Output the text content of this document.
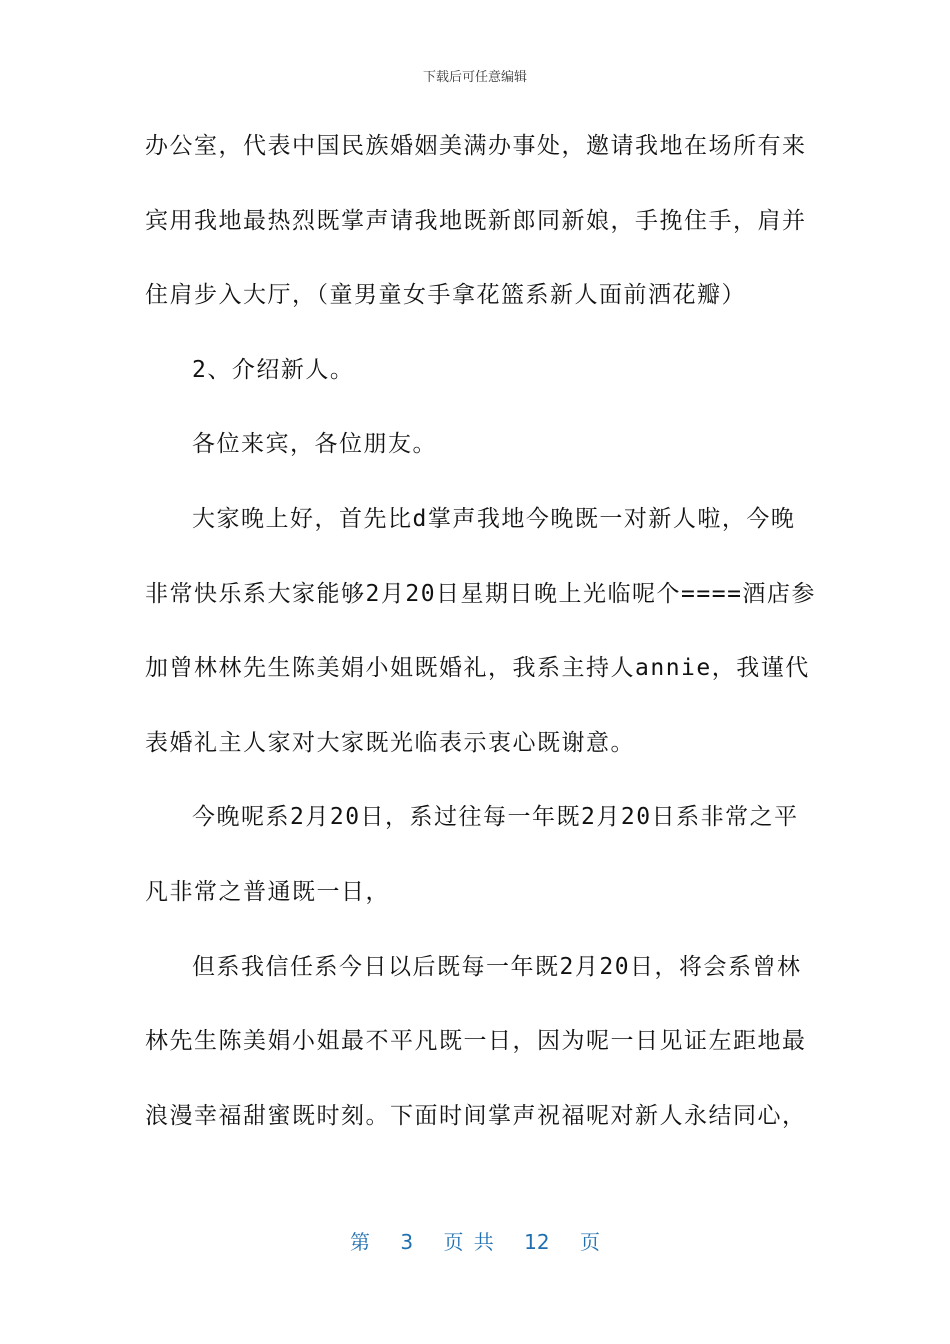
下载后可任意编辑
办公室，代表中国民族婚姻美满办事处，邀请我地在场所有来
宾用我地最热烈既掌声请我地既新郎同新娘，手挽住手，肩并
住肩步入大厅，（童男童女手拿花篮系新人面前洒花瓣）
2、介绍新人。
各位来宾，各位朋友。
大家晚上好，首先比d掌声我地今晚既一对新人啦，今晚
非常快乐系大家能够2月20日星期日晚上光临呢个====酒店参
加曾林林先生陈美娟小姐既婚礼，我系主持人annie，我谨代
表婚礼主人家对大家既光临表示衷心既谢意。
今晚呢系2月20日，系过往每一年既2月20日系非常之平
凡非常之普通既一日，
但系我信任系今日以后既每一年既2月20日，将会系曾林
林先生陈美娟小姐最不平凡既一日，因为呢一日见证左距地最
浪漫幸福甜蜜既时刻。下面时间掌声祝福呢对新人永结同心，
第 3 页 共 12 页
